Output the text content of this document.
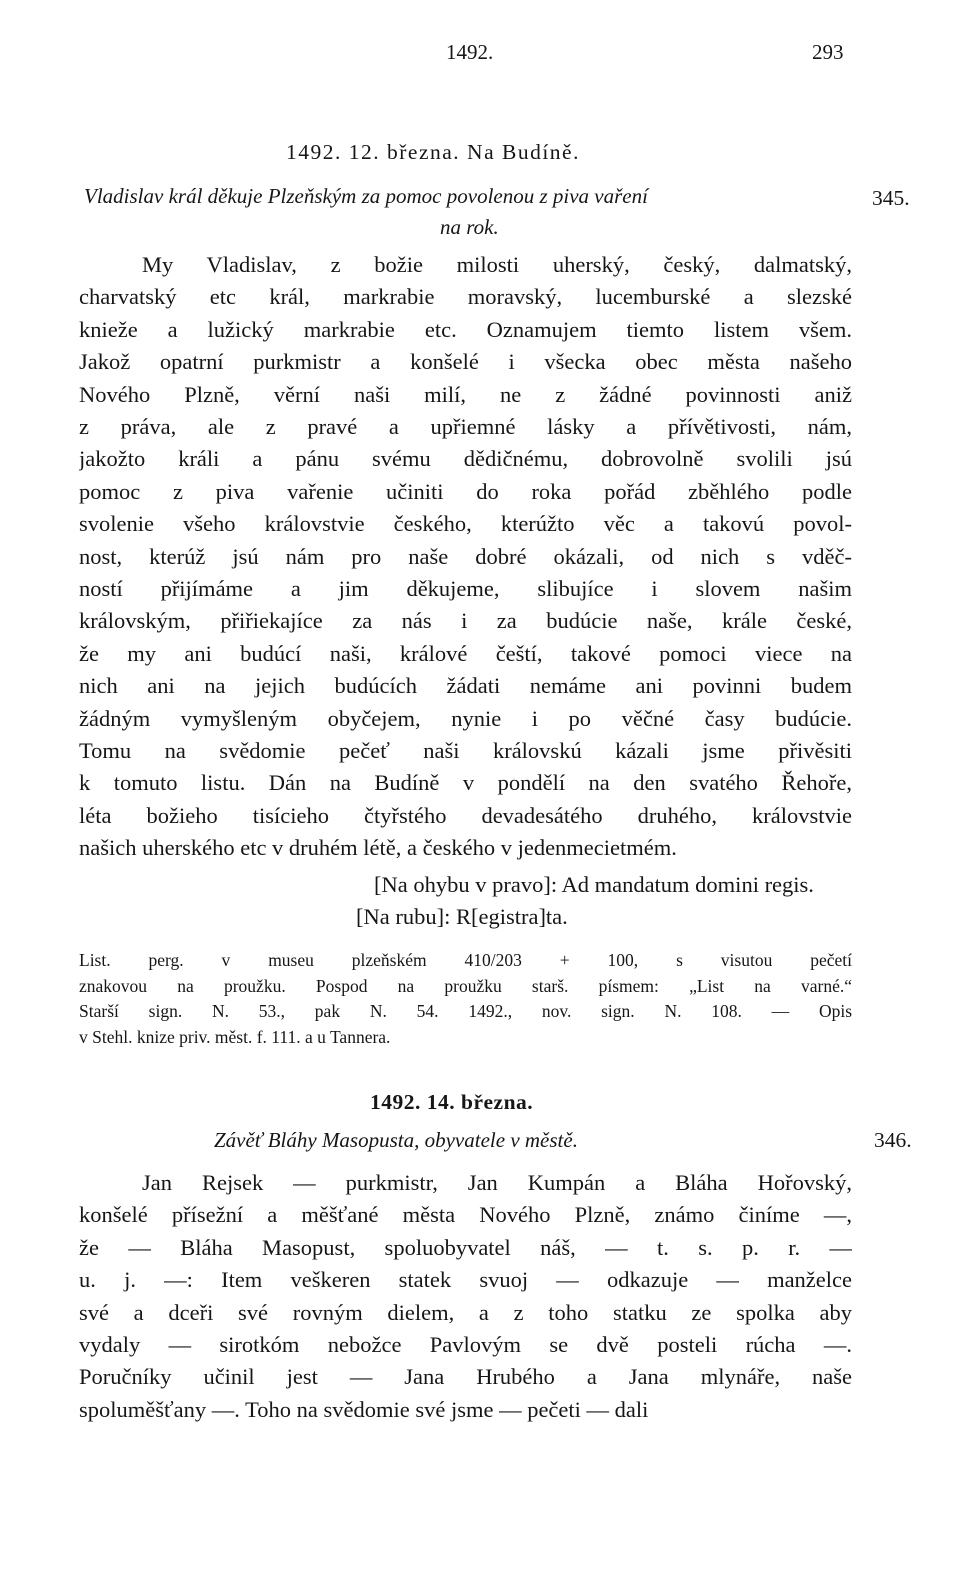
1492.	293
1492. 12. března. Na Budíně.
Vladislav král děkuje Plzeňským za pomoc povolenou z piva vaření	345.
na rok.
My Vladislav, z božie milosti uherský, český, dalmatský,
charvatský etc král, markrabie moravský, lucemburské a slezské
knieže a lužický markrabie etc. Oznamujem tiemto listem všem.
Jakož opatrní purkmistr a konšelé i všecka obec města našeho
Nového Plzně, věrní naši milí, ne z žádné povinnosti aniž
z práva, ale z pravé a upřiemné lásky a přívětivosti, nám,
jakožto králi a pánu svému dědičnému, dobrovolně svolili jsú
pomoc z piva vařenie učiniti do roka pořád zběhlého podle
svolenie všeho královstvie českého, kterúžto věc a takovú povol-
nost, kterúž jsú nám pro naše dobré okázali, od nich s vděč-
ností přijímáme a jim děkujeme, slibujíce i slovem našim
královským, přiřiekajíce za nás i za budúcie naše, krále české,
že my ani budúcí naši, králové čeští, takové pomoci viece na
nich ani na jejich budúcích žádati nemáme ani povinni budem
žádným vymyšleným obyčejem, nynie i po věčné časy budúcie.
Tomu na svědomie pečeť naši královskú kázali jsme přivěsiti
k tomuto listu. Dán na Budíně v pondělí na den svatého Řehoře,
léta božieho tisícieho čtyřstého devadesátého druhého, královstvie
našich uherského etc v druhém létě, a českého v jedenmecietmém.
[Na ohybu v pravo]: Ad mandatum domini regis.
[Na rubu]: R[egistra]ta.
List. perg. v museu plzeňském 410/203 + 100, s visutou pečetí
znakovou na proužku. Pospod na proužku starš. písmem: „List na varné.“
Starší sign. N. 53., pak N. 54. 1492., nov. sign. N. 108. — Opis
v Stehl. knize priv. měst. f. 111. a u Tannera.
1492. 14. března.
Závěť Bláhy Masopusta, obyvatele v městě.	346.
Jan Rejsek — purkmistr, Jan Kumpán a Bláha Hořovský,
konšelé přísežní a měšťané města Nového Plzně, známo činíme —,
že — Bláha Masopust, spoluobyvatel náš, — t. s. p. r. —
u. j. —: Item veškeren statek svuoj — odkazuje — manželce
své a dceři své rovným dielem, a z toho statku ze spolka aby
vydaly — sirotkóm nebožce Pavlovým se dvě posteli rúcha —.
Poručníky učinil jest — Jana Hrubého a Jana mlynáře, naše
spoluměšťany —. Toho na svědomie své jsme — pečeti — dali
